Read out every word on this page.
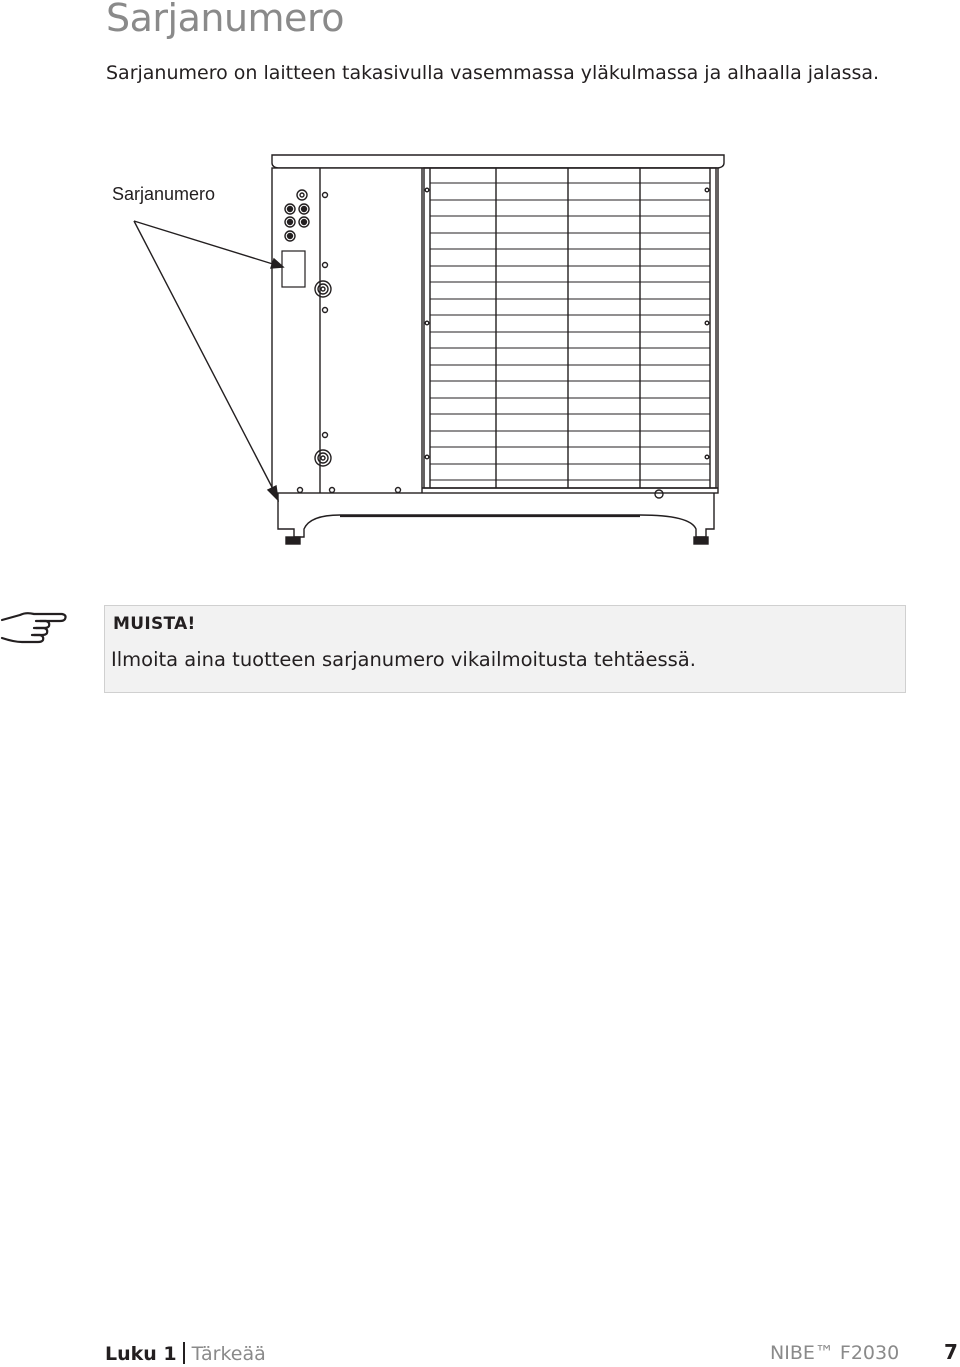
Sarjanumero

Sarjanumero on laitteen takasivulla vasemmassa yläkulmassa ja alhaalla jalassa.

Sarjanumero
MUISTA!
Ilmoita aina tuotteen sarjanumero vikailmoitusta tehtäessä.
Luku 1 Tärkeää	NIBE™ F2030 7
